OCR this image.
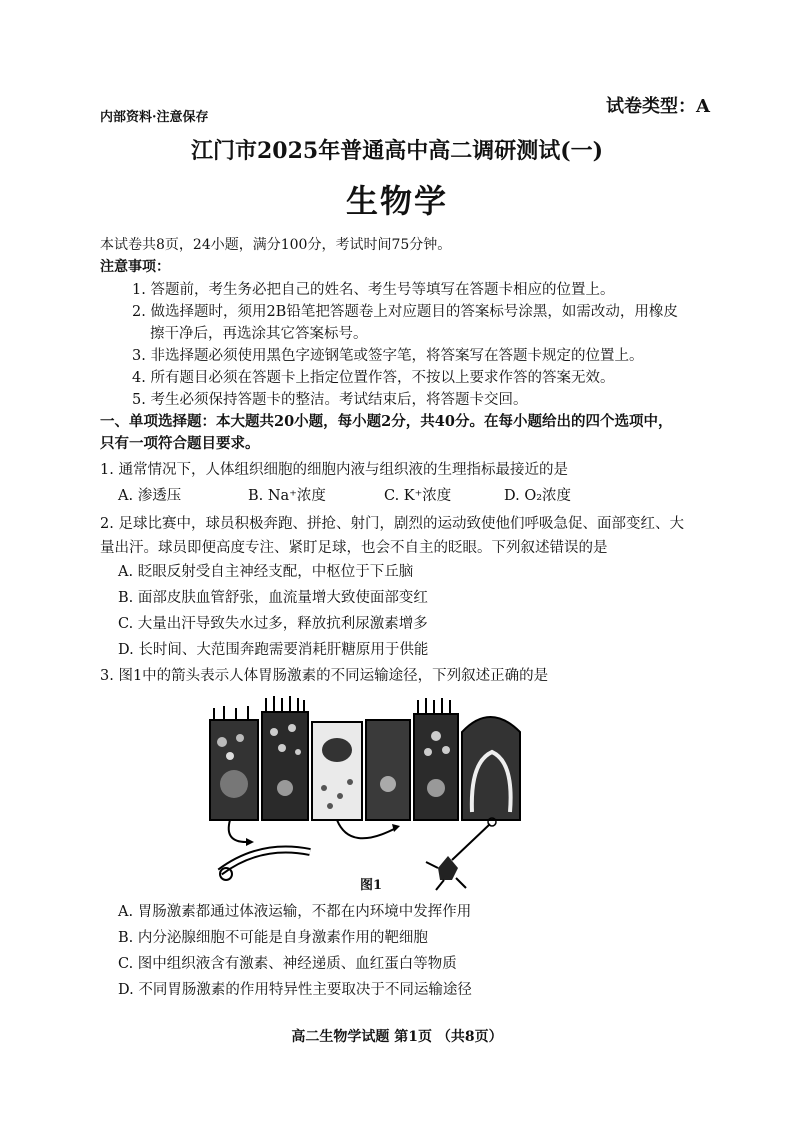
内部资料·注意保存
试卷类型：A
江门市2025年普通高中高二调研测试(一)
生物学
本试卷共8页，24小题，满分100分，考试时间75分钟。
注意事项：
1. 答题前，考生务必把自己的姓名、考生号等填写在答题卡相应的位置上。
2. 做选择题时，须用2B铅笔把答题卷上对应题目的答案标号涂黑，如需改动，用橡皮
擦干净后，再选涂其它答案标号。
3. 非选择题必须使用黑色字迹钢笔或签字笔，将答案写在答题卡规定的位置上。
4. 所有题目必须在答题卡上指定位置作答，不按以上要求作答的答案无效。
5. 考生必须保持答题卡的整洁。考试结束后，将答题卡交回。
一、单项选择题：本大题共20小题，每小题2分，共40分。在每小题给出的四个选项中，
只有一项符合题目要求。
1. 通常情况下，人体组织细胞的细胞内液与组织液的生理指标最接近的是
A. 渗透压	B. Na⁺浓度	C. K⁺浓度	D. O₂浓度
2. 足球比赛中，球员积极奔跑、拼抢、射门，剧烈的运动致使他们呼吸急促、面部变红、大
量出汗。球员即便高度专注、紧盯足球，也会不自主的眨眼。下列叙述错误的是
A. 眨眼反射受自主神经支配，中枢位于下丘脑
B. 面部皮肤血管舒张，血流量增大致使面部变红
C. 大量出汗导致失水过多，释放抗利尿激素增多
D. 长时间、大范围奔跑需要消耗肝糖原用于供能
3. 图1中的箭头表示人体胃肠激素的不同运输途径，下列叙述正确的是
图1
A. 胃肠激素都通过体液运输，不都在内环境中发挥作用
B. 内分泌腺细胞不可能是自身激素作用的靶细胞
C. 图中组织液含有激素、神经递质、血红蛋白等物质
D. 不同胃肠激素的作用特异性主要取决于不同运输途径
高二生物学试题 第1页 （共8页）
